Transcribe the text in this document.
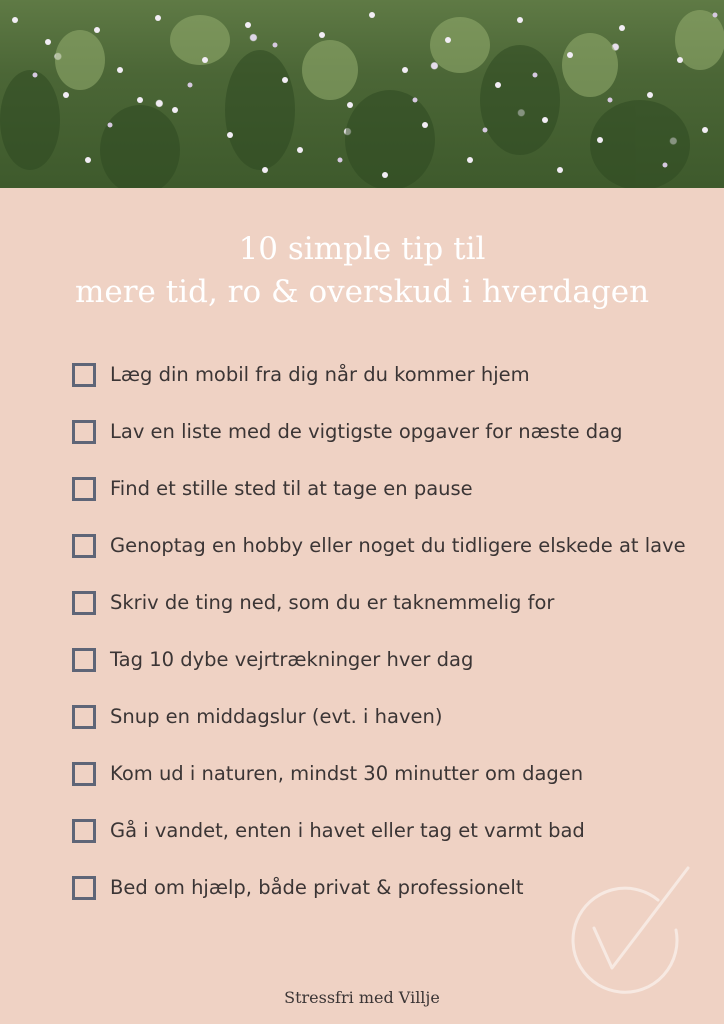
10 simple tip til
mere tid, ro & overskud i hverdagen
Læg din mobil fra dig når du kommer hjem
Lav en liste med de vigtigste opgaver for næste dag
Find et stille sted til at tage en pause
Genoptag en hobby eller noget du tidligere elskede at lave
Skriv de ting ned, som du er taknemmelig for
Tag 10 dybe vejrtrækninger hver dag
Snup en middagslur (evt. i haven)
Kom ud i naturen, mindst 30 minutter om dagen
Gå i vandet, enten i havet eller tag et varmt bad
Bed om hjælp, både privat & professionelt
Stressfri med Villje
